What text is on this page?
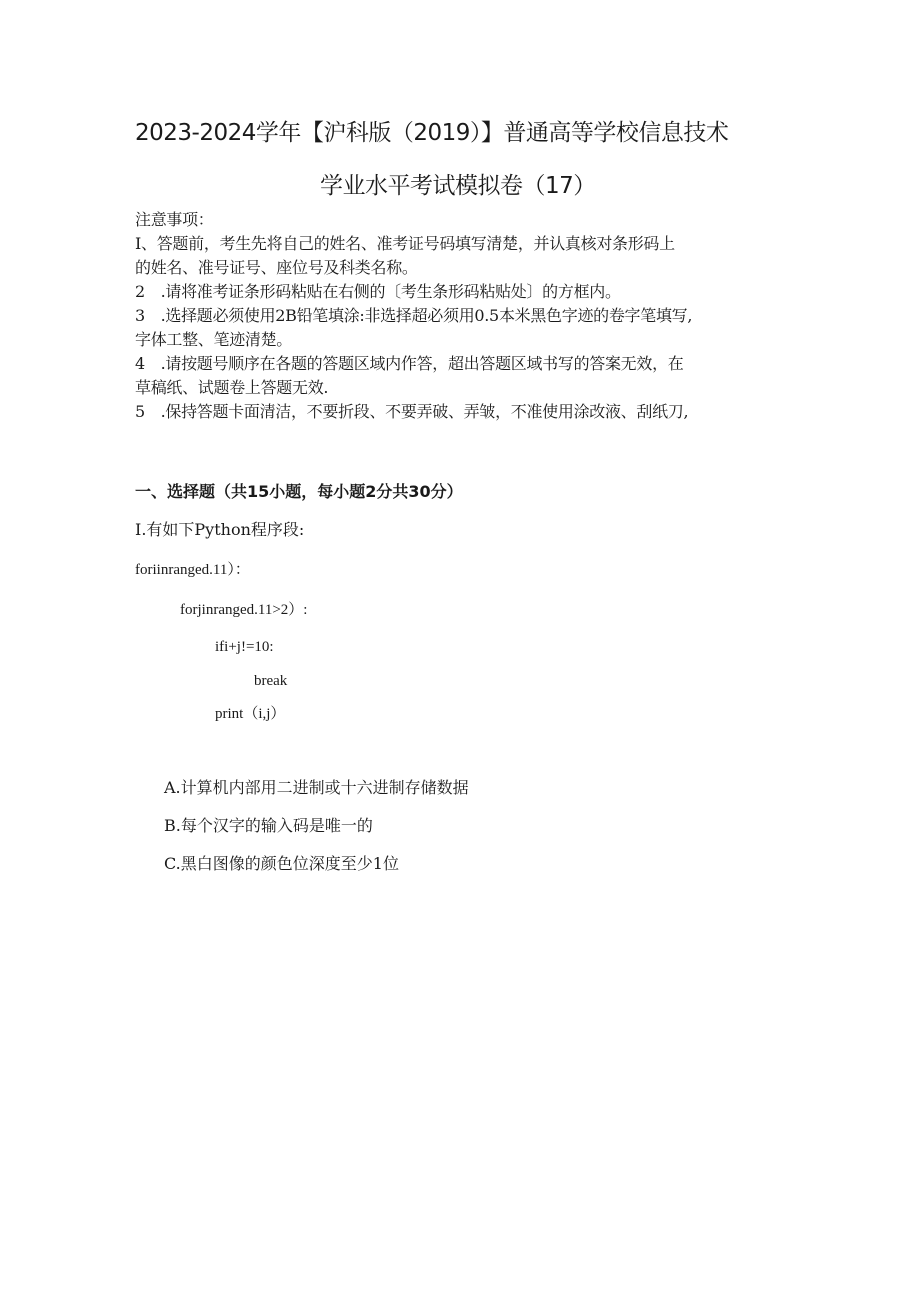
2023-2024学年【沪科版（2019）】普通高等学校信息技术
学业水平考试模拟卷（17）

注意事项：

I、答题前，考生先将自己的姓名、准考证号码填写清楚，并认真核对条形码上

的姓名、准号证号、座位号及科类名称。

2　.请将准考证条形码粘贴在右侧的〔考生条形码粘贴处〕的方框内。

3　.选择题必须使用2B铅笔填涂:非选择超必须用0.5本米黑色字迹的卷字笔填写,

字体工整、笔迹清楚。

4　.请按题号顺序在各题的答题区域内作答，超出答题区域书写的答案无效，在

草稿纸、试题卷上答题无效.

5　.保持答题卡面清洁，不要折段、不要弄破、弄皱，不准使用涂改液、刮纸刀,

一、选择题（共15小题，每小题2分共30分）

I.有如下Python程序段:

foriinranged.11）：

forjinranged.11>2）:

ifi+j!=10:

break

print（i,j）

A.计算机内部用二进制或十六进制存储数据

B.每个汉字的输入码是唯一的

C.黑白图像的颜色位深度至少1位
